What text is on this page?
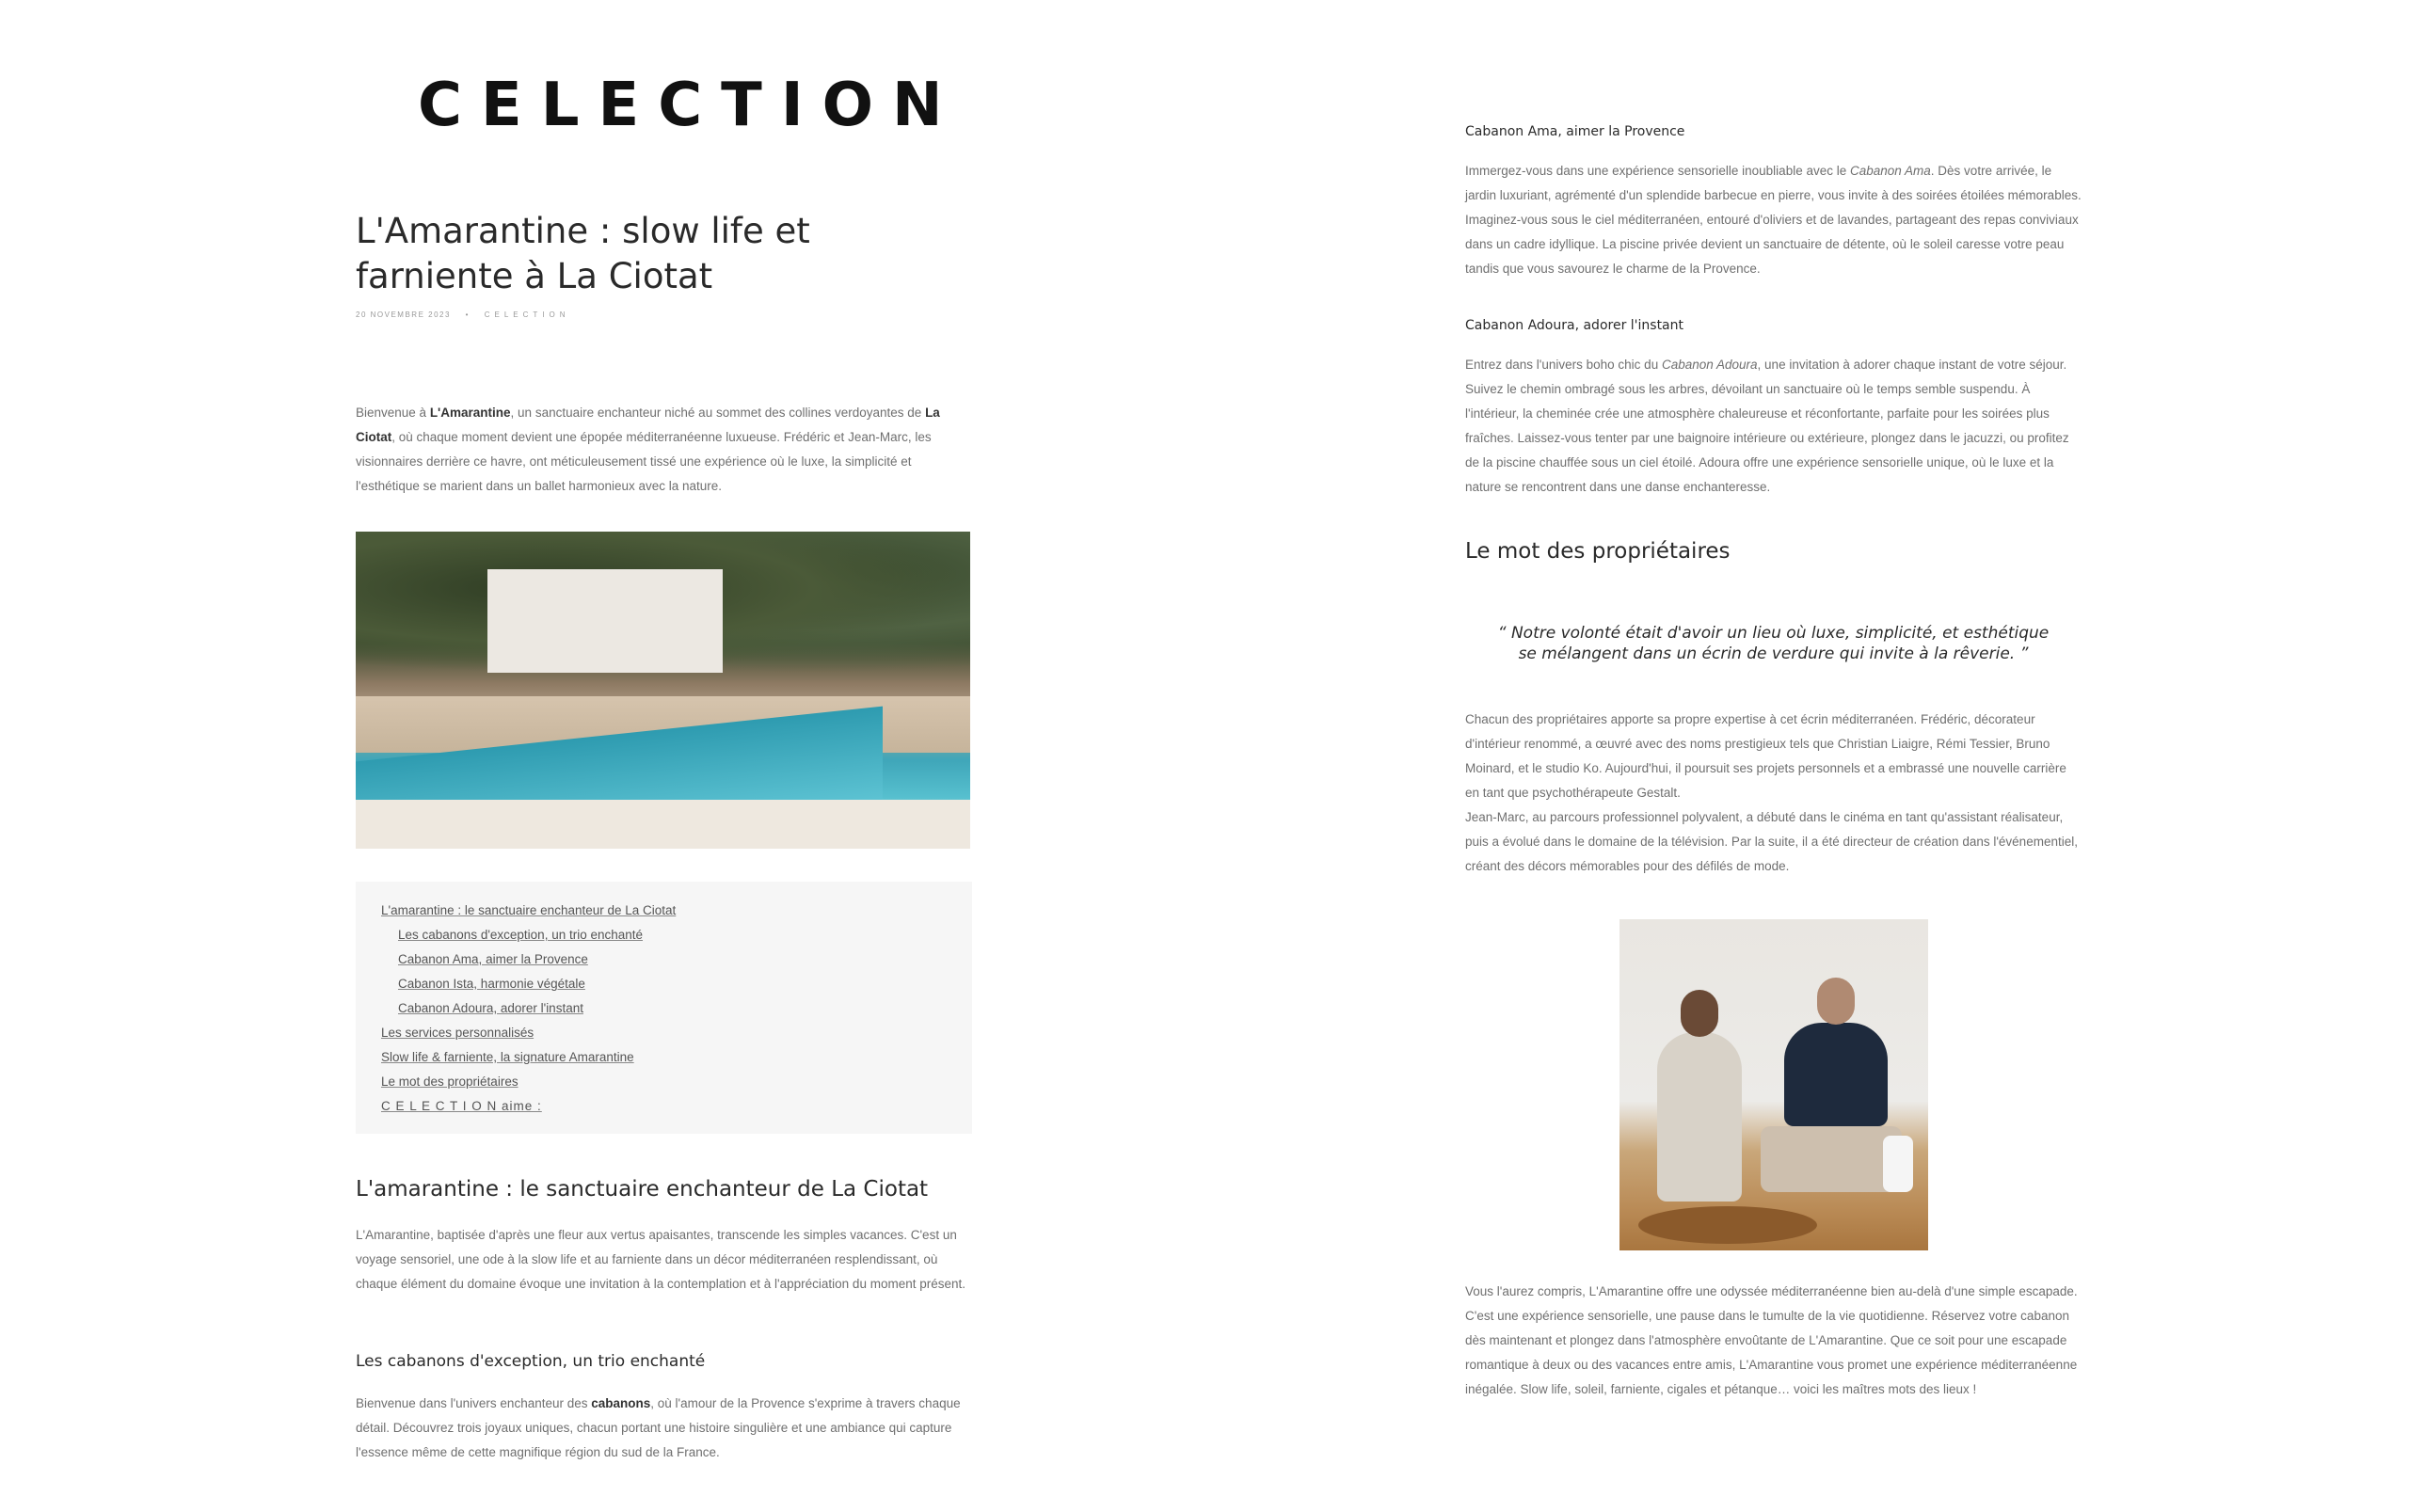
CELECTION
L'Amarantine : slow life et farniente à La Ciotat
20 NOVEMBRE 2023 • CELECTION

Bienvenue à L'Amarantine, un sanctuaire enchanteur niché au sommet des collines verdoyantes de La Ciotat, où chaque moment devient une épopée méditerranéenne luxueuse. Frédéric et Jean-Marc, les visionnaires derrière ce havre, ont méticuleusement tissé une expérience où le luxe, la simplicité et l'esthétique se marient dans un ballet harmonieux avec la nature.

L'amarantine : le sanctuaire enchanteur de La Ciotat
Les cabanons d'exception, un trio enchanté
Cabanon Ama, aimer la Provence
Cabanon Ista, harmonie végétale
Cabanon Adoura, adorer l'instant
Les services personnalisés
Slow life & farniente, la signature Amarantine
Le mot des propriétaires
C E L E C T I O N aime :
L'amarantine : le sanctuaire enchanteur de La Ciotat

L'Amarantine, baptisée d'après une fleur aux vertus apaisantes, transcende les simples vacances. C'est un voyage sensoriel, une ode à la slow life et au farniente dans un décor méditerranéen resplendissant, où chaque élément du domaine évoque une invitation à la contemplation et à l'appréciation du moment présent.

Les cabanons d'exception, un trio enchanté

Bienvenue dans l'univers enchanteur des cabanons, où l'amour de la Provence s'exprime à travers chaque détail. Découvrez trois joyaux uniques, chacun portant une histoire singulière et une ambiance qui capture l'essence même de cette magnifique région du sud de la France.

Cabanon Ama, aimer la Provence

Immergez-vous dans une expérience sensorielle inoubliable avec le Cabanon Ama. Dès votre arrivée, le jardin luxuriant, agrémenté d'un splendide barbecue en pierre, vous invite à des soirées étoilées mémorables. Imaginez-vous sous le ciel méditerranéen, entouré d'oliviers et de lavandes, partageant des repas conviviaux dans un cadre idyllique. La piscine privée devient un sanctuaire de détente, où le soleil caresse votre peau tandis que vous savourez le charme de la Provence.

Cabanon Adoura, adorer l'instant

Entrez dans l'univers boho chic du Cabanon Adoura, une invitation à adorer chaque instant de votre séjour. Suivez le chemin ombragé sous les arbres, dévoilant un sanctuaire où le temps semble suspendu. À l'intérieur, la cheminée crée une atmosphère chaleureuse et réconfortante, parfaite pour les soirées plus fraîches. Laissez-vous tenter par une baignoire intérieure ou extérieure, plongez dans le jacuzzi, ou profitez de la piscine chauffée sous un ciel étoilé. Adoura offre une expérience sensorielle unique, où le luxe et la nature se rencontrent dans une danse enchanteresse.

Le mot des propriétaires

“ Notre volonté était d'avoir un lieu où luxe, simplicité, et esthétique
se mélangent dans un écrin de verdure qui invite à la rêverie. ”

Chacun des propriétaires apporte sa propre expertise à cet écrin méditerranéen. Frédéric, décorateur d'intérieur renommé, a œuvré avec des noms prestigieux tels que Christian Liaigre, Rémi Tessier, Bruno Moinard, et le studio Ko. Aujourd'hui, il poursuit ses projets personnels et a embrassé une nouvelle carrière en tant que psychothérapeute Gestalt.
Jean-Marc, au parcours professionnel polyvalent, a débuté dans le cinéma en tant qu'assistant réalisateur, puis a évolué dans le domaine de la télévision. Par la suite, il a été directeur de création dans l'événementiel, créant des décors mémorables pour des défilés de mode.

Vous l'aurez compris, L'Amarantine offre une odyssée méditerranéenne bien au-delà d'une simple escapade. C'est une expérience sensorielle, une pause dans le tumulte de la vie quotidienne. Réservez votre cabanon dès maintenant et plongez dans l'atmosphère envoûtante de L'Amarantine. Que ce soit pour une escapade romantique à deux ou des vacances entre amis, L'Amarantine vous promet une expérience méditerranéenne inégalée. Slow life, soleil, farniente, cigales et pétanque… voici les maîtres mots des lieux !
